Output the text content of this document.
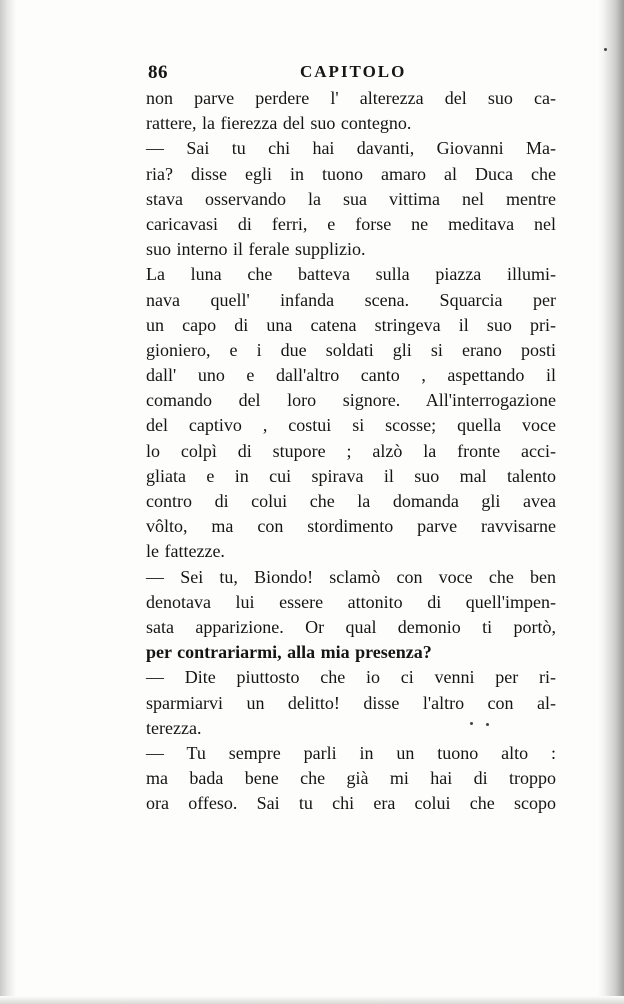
86	CAPITOLO
non parve perdere l' alterezza del suo ca-
rattere, la fierezza del suo contegno.
— Sai tu chi hai davanti, Giovanni Ma-
ria? disse egli in tuono amaro al Duca che
stava osservando la sua vittima nel mentre
caricavasi di ferri, e forse ne meditava nel
suo interno il ferale supplizio.
La luna che batteva sulla piazza illumi-
nava quell' infanda scena. Squarcia per
un capo di una catena stringeva il suo pri-
gioniero, e i due soldati gli si erano posti
dall' uno e dall'altro canto , aspettando il
comando del loro signore. All'interrogazione
del captivo , costui si scosse; quella voce
lo colpì di stupore ; alzò la fronte acci-
gliata e in cui spirava il suo mal talento
contro di colui che la domanda gli avea
vôlto, ma con stordimento parve ravvisarne
le fattezze.
— Sei tu, Biondo! sclamò con voce che ben
denotava lui essere attonito di quell'impen-
sata apparizione. Or qual demonio ti portò,
per contrariarmi, alla mia presenza?
— Dite piuttosto che io ci venni per ri-
sparmiarvi un delitto! disse l'altro con al-
terezza.
— Tu sempre parli in un tuono alto :
ma bada bene che già mi hai di troppo
ora offeso. Sai tu chi era colui che scopo
